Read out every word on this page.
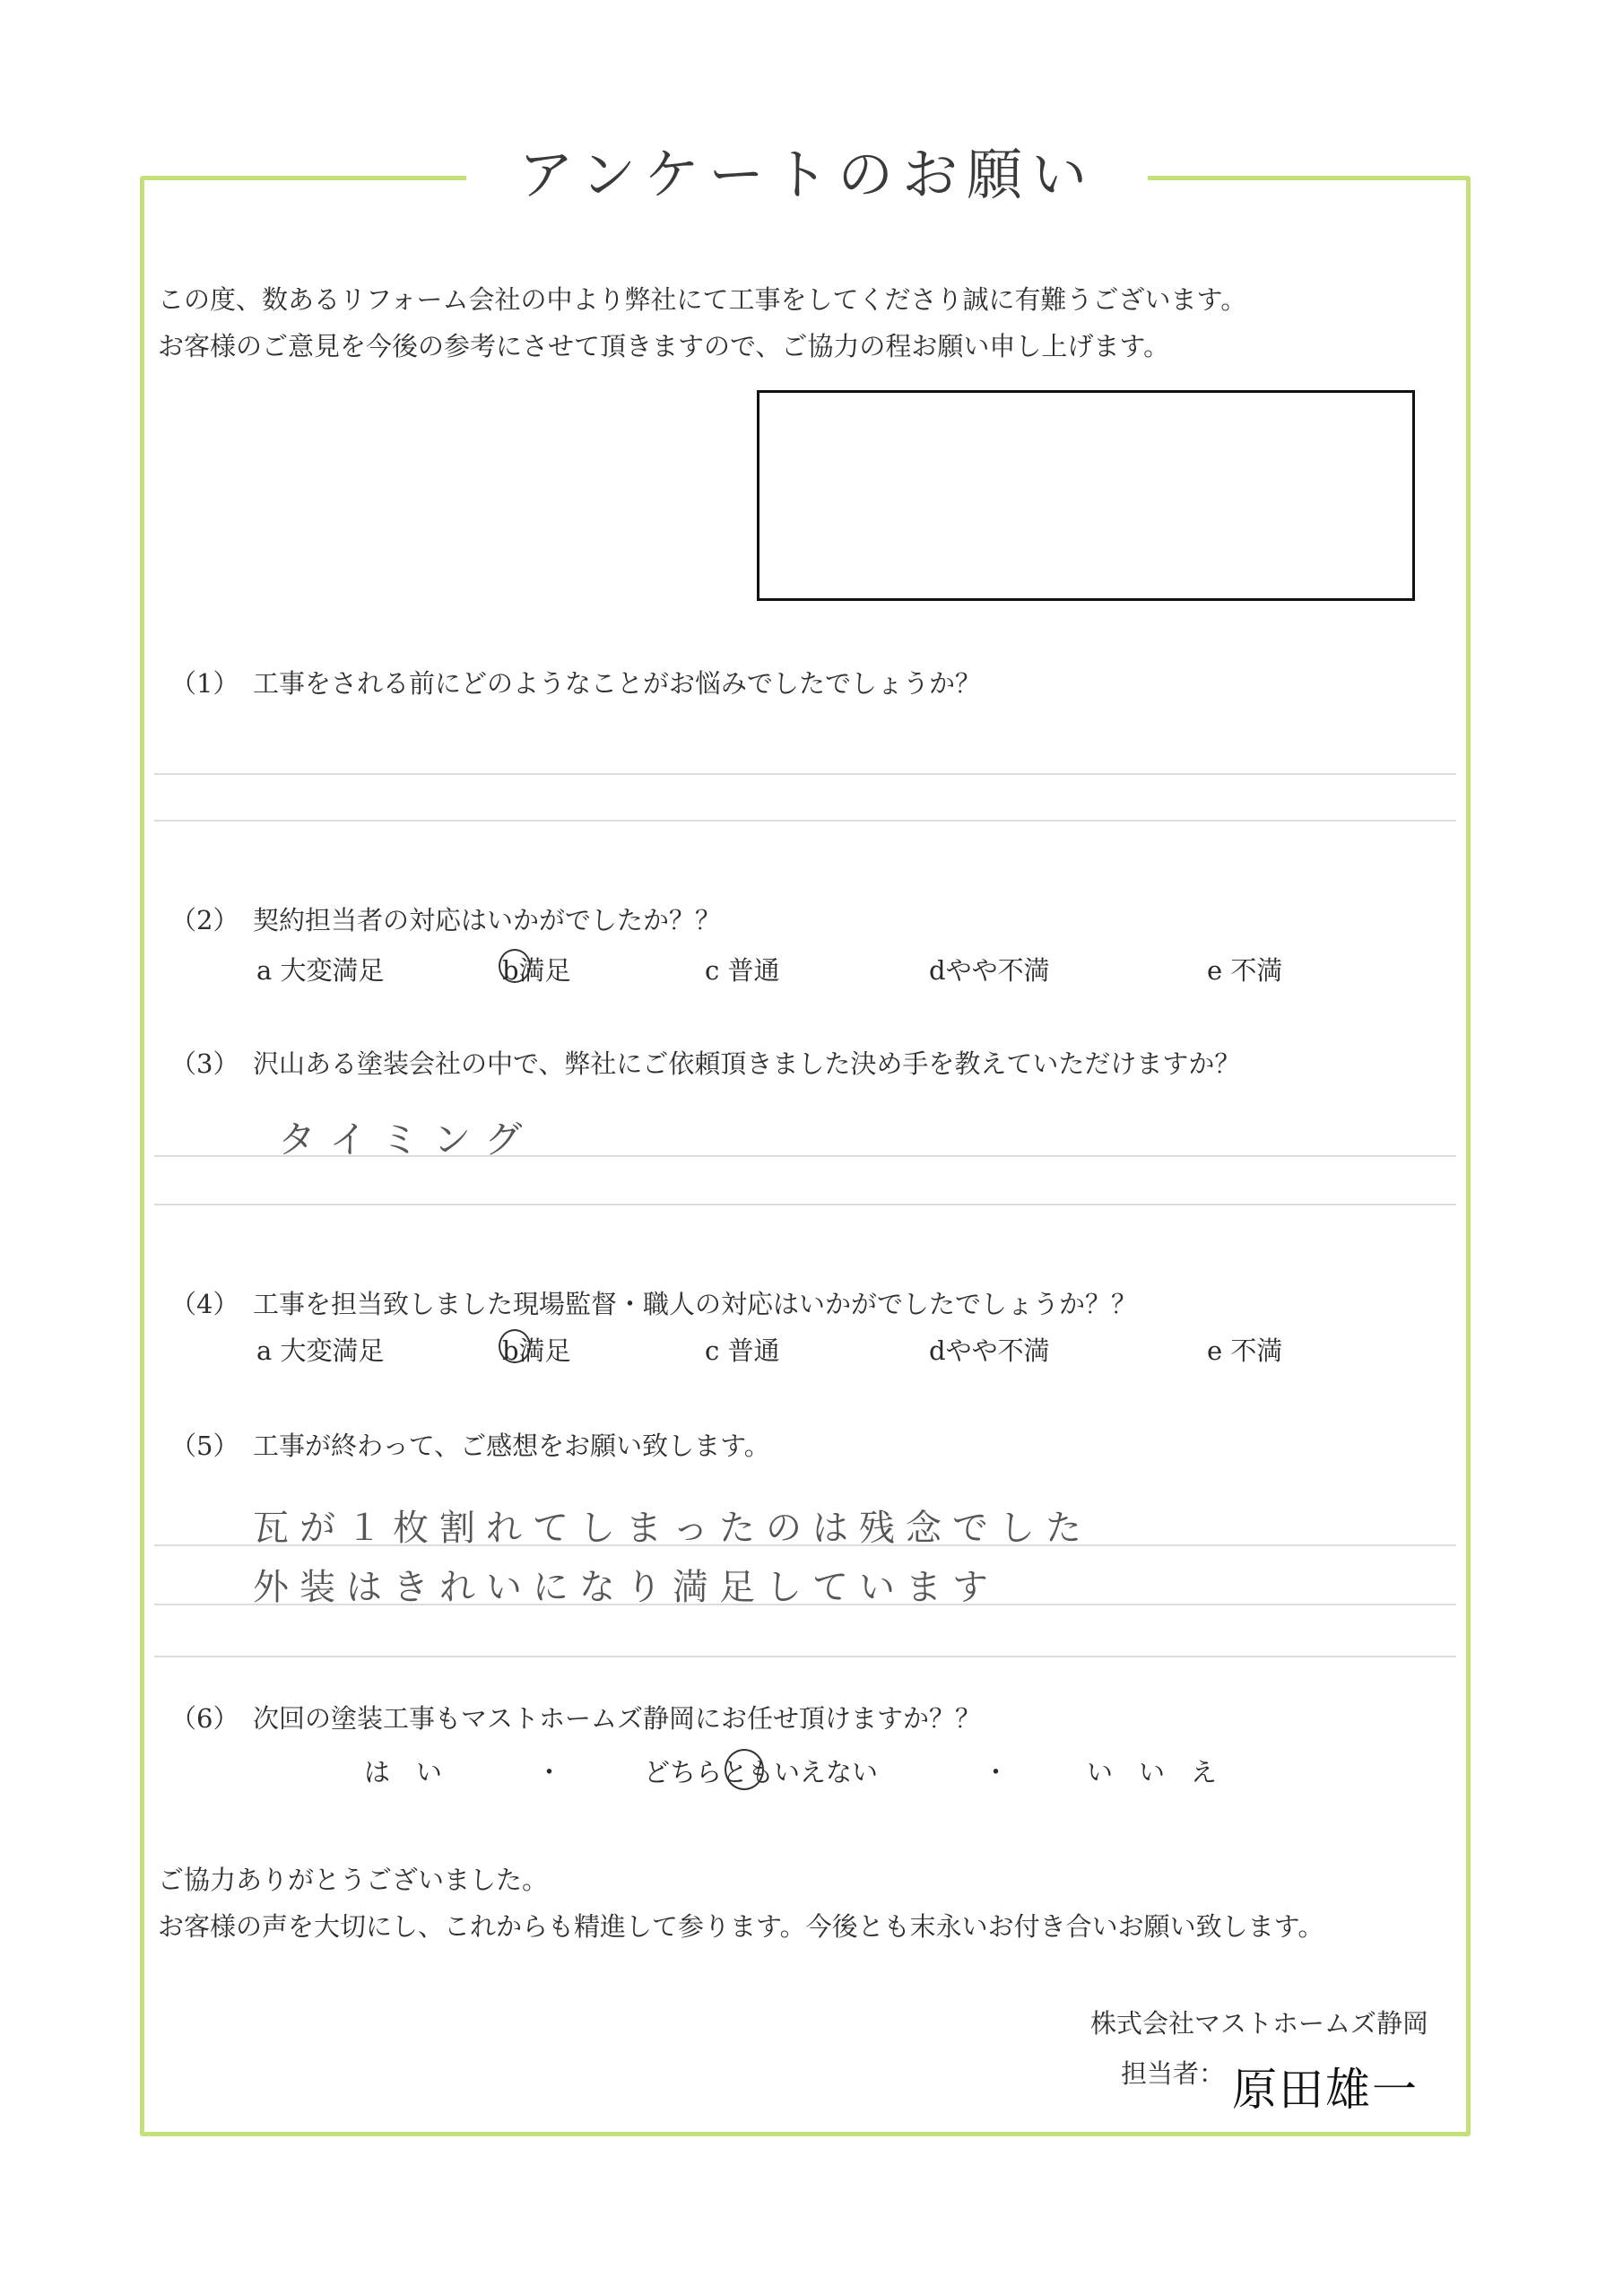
アンケートのお願い
この度、数あるリフォーム会社の中より弊社にて工事をしてくださり誠に有難うございます。
お客様のご意見を今後の参考にさせて頂きますので、ご協力の程お願い申し上げます。
（1） 工事をされる前にどのようなことがお悩みでしたでしょうか？
（2） 契約担当者の対応はいかがでしたか？？
a 大変満足	b満足	c 普通	dやや不満	e 不満
（3） 沢山ある塗装会社の中で、弊社にご依頼頂きました決め手を教えていただけますか？
タイミング
（4） 工事を担当致しました現場監督・職人の対応はいかがでしたでしょうか？？
a 大変満足	b満足	c 普通	dやや不満	e 不満
（5） 工事が終わって、ご感想をお願い致します。
瓦が１枚割れてしまったのは残念でした
外装はきれいになり満足しています
（6） 次回の塗装工事もマストホームズ静岡にお任せ頂けますか？？
は　い	・	どちらともいえない	・	い　い　え
ご協力ありがとうございました。
お客様の声を大切にし、これからも精進して参ります。今後とも末永いお付き合いお願い致します。
株式会社マストホームズ静岡
担当者： 原田雄一
